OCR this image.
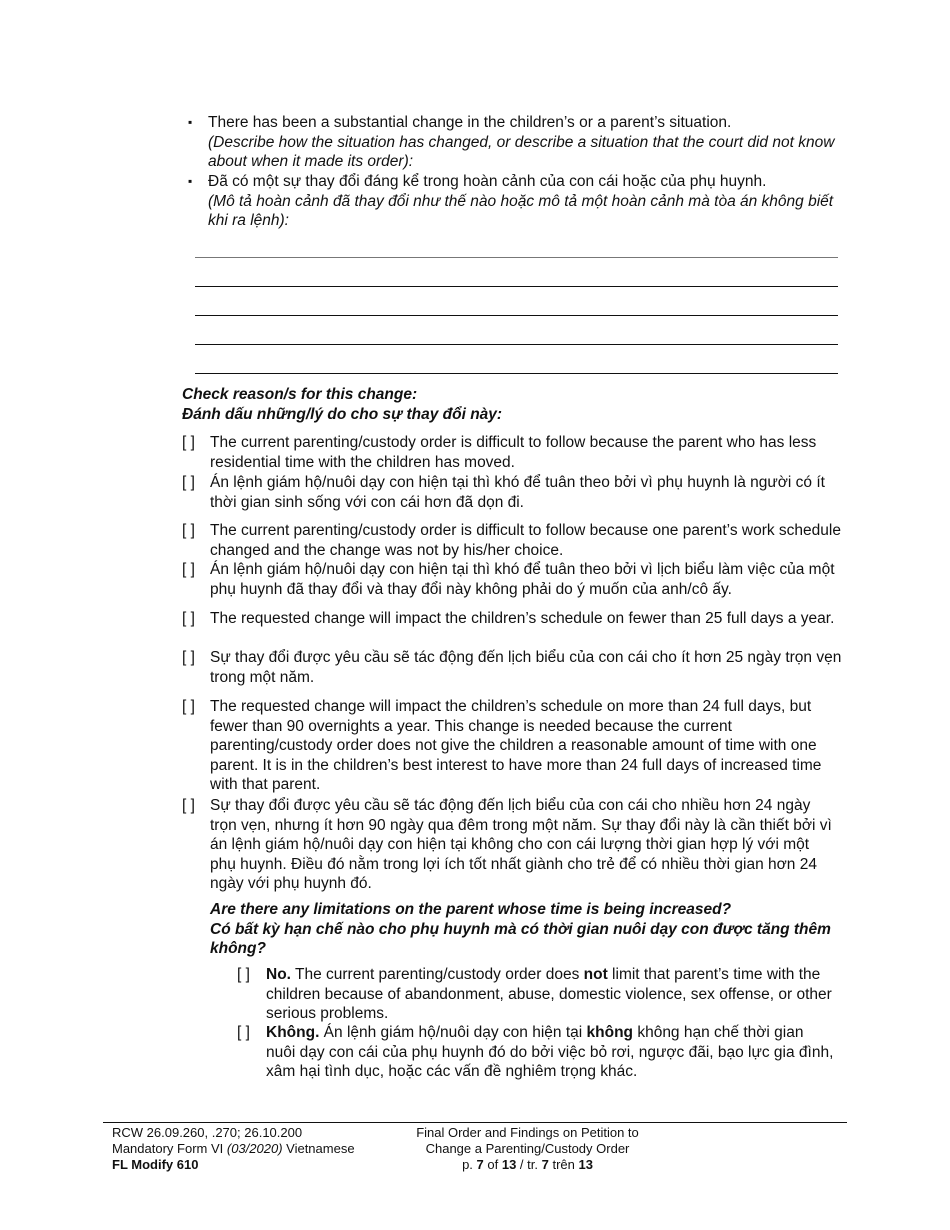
▪ There has been a substantial change in the children’s or a parent’s situation.
(Describe how the situation has changed, or describe a situation that the court did not know about when it made its order):
▪ Đã có một sự thay đổi đáng kể trong hoàn cảnh của con cái hoặc của phụ huynh.
(Mô tả hoàn cảnh đã thay đổi như thế nào hoặc mô tả một hoàn cảnh mà tòa án không biết khi ra lệnh):
Check reason/s for this change:
Đánh dấu những/lý do cho sự thay đổi này:
[ ] The current parenting/custody order is difficult to follow because the parent who has less residential time with the children has moved.
[ ] Án lệnh giám hộ/nuôi dạy con hiện tại thì khó để tuân theo bởi vì phụ huynh là người có ít thời gian sinh sống với con cái hơn đã dọn đi.
[ ] The current parenting/custody order is difficult to follow because one parent’s work schedule changed and the change was not by his/her choice.
[ ] Án lệnh giám hộ/nuôi dạy con hiện tại thì khó để tuân theo bởi vì lịch biểu làm việc của một phụ huynh đã thay đổi và thay đổi này không phải do ý muốn của anh/cô ấy.
[ ] The requested change will impact the children’s schedule on fewer than 25 full days a year.
[ ] Sự thay đổi được yêu cầu sẽ tác động đến lịch biểu của con cái cho ít hơn 25 ngày trọn vẹn trong một năm.
[ ] The requested change will impact the children’s schedule on more than 24 full days, but fewer than 90 overnights a year. This change is needed because the current parenting/custody order does not give the children a reasonable amount of time with one parent. It is in the children’s best interest to have more than 24 full days of increased time with that parent.
[ ] Sự thay đổi được yêu cầu sẽ tác động đến lịch biểu của con cái cho nhiều hơn 24 ngày trọn vẹn, nhưng ít hơn 90 ngày qua đêm trong một năm. Sự thay đổi này là cần thiết bởi vì án lệnh giám hộ/nuôi dạy con hiện tại không cho con cái lượng thời gian hợp lý với một phụ huynh. Điều đó nằm trong lợi ích tốt nhất giành cho trẻ để có nhiều thời gian hơn 24 ngày với phụ huynh đó.
Are there any limitations on the parent whose time is being increased?
Có bất kỳ hạn chế nào cho phụ huynh mà có thời gian nuôi dạy con được tăng thêm không?
[ ]	No. The current parenting/custody order does not limit that parent’s time with the children because of abandonment, abuse, domestic violence, sex offense, or other serious problems.
[ ]	Không. Án lệnh giám hộ/nuôi dạy con hiện tại không không hạn chế thời gian nuôi dạy con cái của phụ huynh đó do bởi việc bỏ rơi, ngược đãi, bạo lực gia đình, xâm hại tình dục, hoặc các vấn đề nghiêm trọng khác.
RCW 26.09.260, .270; 26.10.200
Mandatory Form VI (03/2020) Vietnamese
FL Modify 610
Final Order and Findings on Petition to
Change a Parenting/Custody Order
p. 7 of 13 / tr. 7 trên 13
